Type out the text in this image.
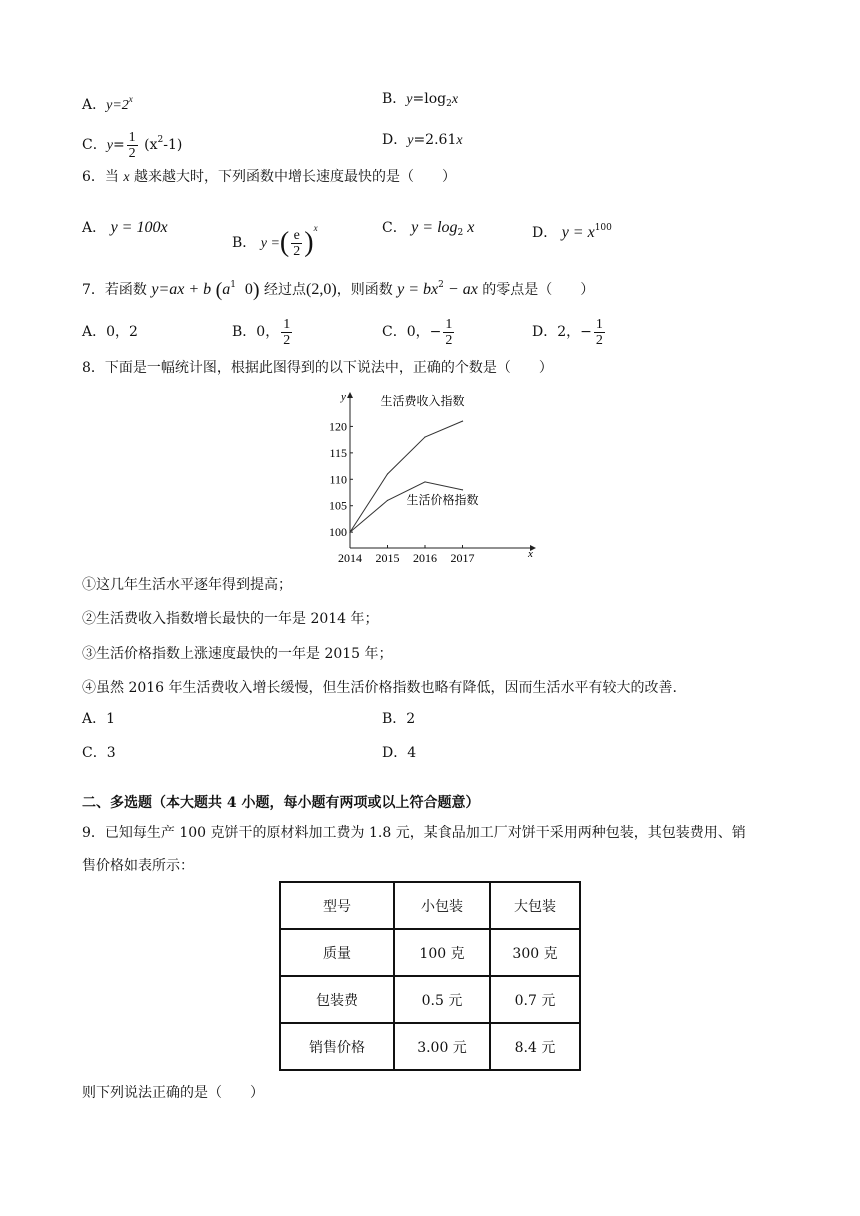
A．$y=2^x$	B．$y=\log_2x$
C．$y= \frac{1}{2} (x^2-1)$	D．y=2.61x
6．当 x 越来越大时，下列函数中增长速度最快的是（　　）
A． y = 100x
B． y =( $\frac{e}{2} )^x$	C． $y = \log_2 x$	D． $y = x^{100}$
7．若函数 y=ax + b ($a^1$ 0) 经过点(2,0)，则函数 $y = bx^2$ − ax 的零点是（　　）
A．0，2	B．0， $\frac{1}{2}$	C．0，− $\frac{1}{2}$	D．2，− $\frac{1}{2}$
8．下面是一幅统计图，根据此图得到的以下说法中，正确的个数是（　　）
100
105
110
115
120
2014 2015 2016 2017
y
x
生活费收入指数
生活价格指数
①这几年生活水平逐年得到提高；
②生活费收入指数增长最快的一年是 2014 年；
③生活价格指数上涨速度最快的一年是 2015 年；
④虽然 2016 年生活费收入增长缓慢，但生活价格指数也略有降低，因而生活水平有较大的改善.
A．1	B．2
C．3	D．4
二、多选题（本大题共 4 小题，每小题有两项或以上符合题意）
9．已知每生产 100 克饼干的原材料加工费为 1.8 元，某食品加工厂对饼干采用两种包装，其包装费用、销
售价格如表所示：
型号	小包装	大包装
质量	100 克	300 克
包装费	0.5 元	0.7 元
销售价格	3.00 元	8.4 元
则下列说法正确的是（　　）
